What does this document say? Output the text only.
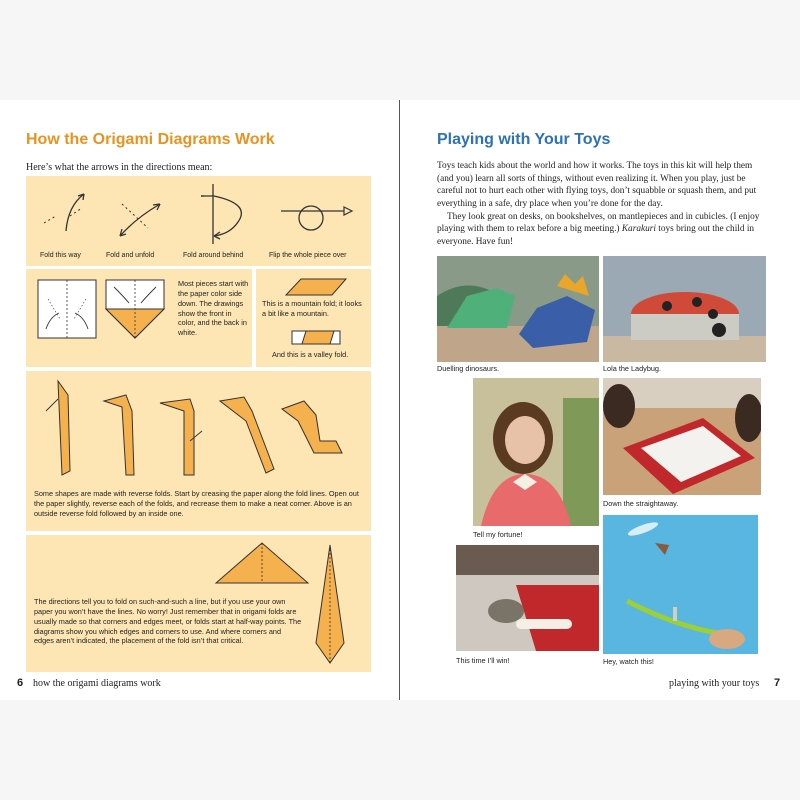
How the Origami Diagrams Work
Here’s what the arrows in the directions mean:
Fold this way	Fold and unfold	Fold around behind	Flip the whole piece over
Most pieces start with the paper color side down. The drawings show the front in color, and the back in white.
This is a mountain fold; it looks a bit like a mountain.
And this is a valley fold.
Some shapes are made with reverse folds. Start by creasing the paper along the fold lines. Open out the paper slightly, reverse each of the folds, and recrease them to make a neat corner. Above is an outside reverse fold followed by an inside one.
The directions tell you to fold on such-and-such a line, but if you use your own paper you won’t have the lines. No worry! Just remember that in origami folds are usually made so that corners and edges meet, or folds start at half-way points. The diagrams show you which edges and corners to use. And where corners and edges aren’t indicated, the placement of the fold isn’t that critical.
6 how the origami diagrams work
Playing with Your Toys

Toys teach kids about the world and how it works. The toys in this kit will help them (and you) learn all sorts of things, without even realizing it. When you play, just be careful not to hurt each other with flying toys, don’t squabble or squash them, and put everything in a safe, dry place when you’re done for the day.

They look great on desks, on bookshelves, on mantlepieces and in cubicles. (I enjoy playing with them to relax before a big meeting.) Karakuri toys bring out the child in everyone. Have fun!

Duelling dinosaurs.	Lola the Ladybug.
Tell my fortune!
Down the straightaway.
This time I’ll win!	Hey, watch this!
playing with your toys 7
